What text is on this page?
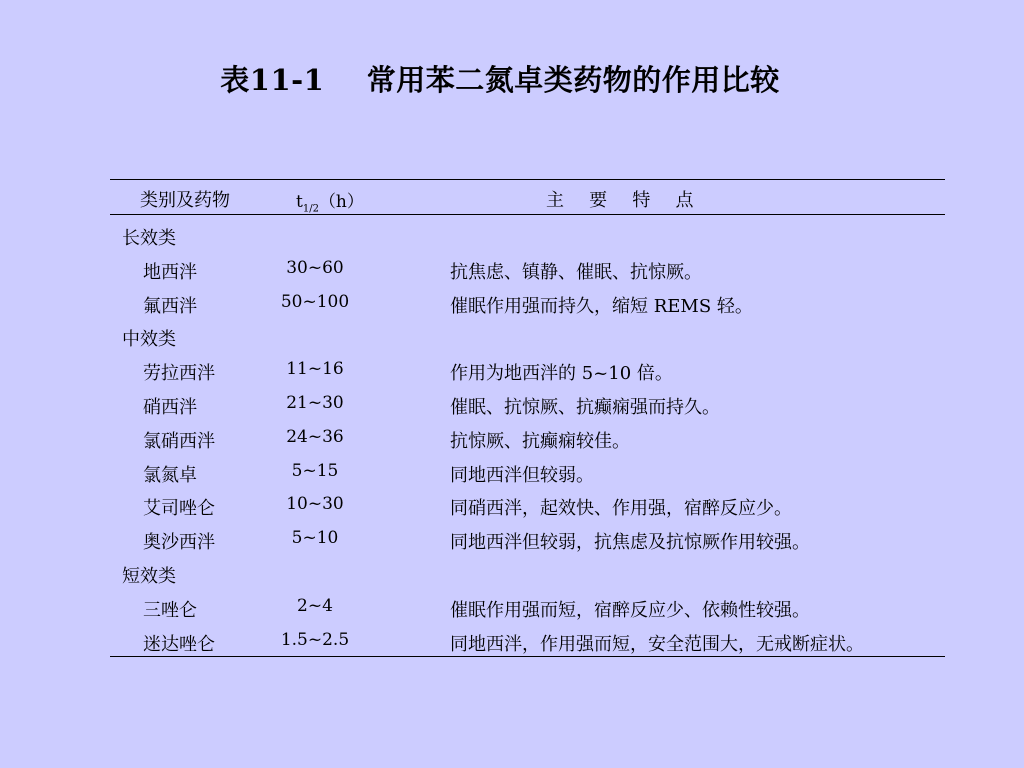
表11-1    常用苯二氮卓类药物的作用比较
类别及药物	$t_{1/2}(h)$	主   要   特   点
长效类
地西泮	30~60	抗焦虑、镇静、催眠、抗惊厥。
氟西泮	50~100	催眠作用强而持久，缩短 REMS 轻。
中效类
劳拉西泮	11~16	作用为地西泮的 5~10 倍。
硝西泮	21~30	催眠、抗惊厥、抗癫痫强而持久。
氯硝西泮	24~36	抗惊厥、抗癫痫较佳。
氯氮卓	5~15	同地西泮但较弱。
艾司唑仑	10~30	同硝西泮，起效快、作用强，宿醉反应少。
奥沙西泮	5~10	同地西泮但较弱，抗焦虑及抗惊厥作用较强。
短效类
三唑仑	2~4	催眠作用强而短，宿醉反应少、依赖性较强。
迷达唑仑	1.5~2.5	同地西泮，作用强而短，安全范围大，无戒断症状。
